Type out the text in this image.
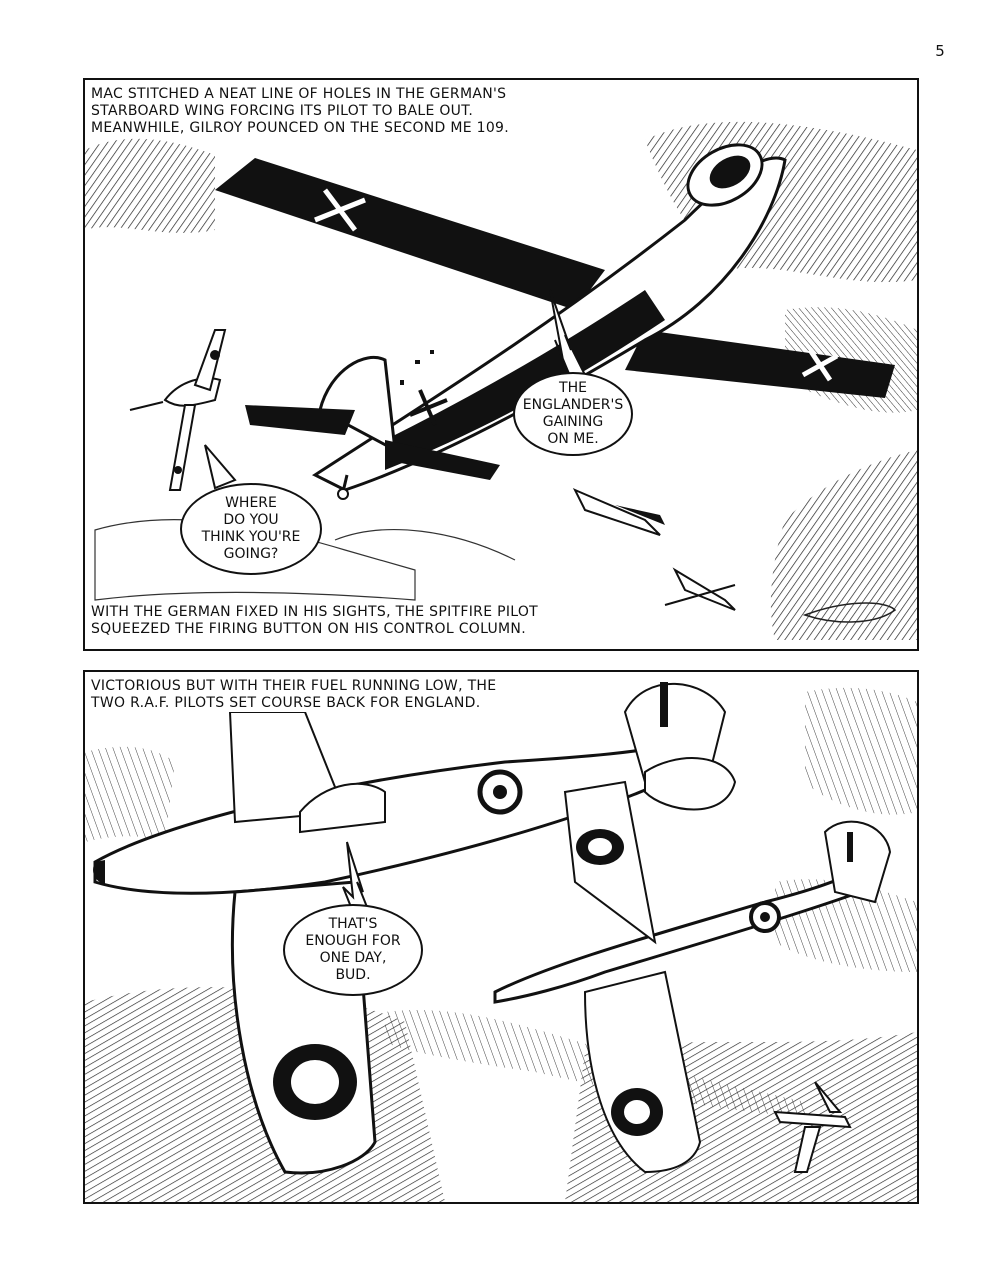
5
MAC STITCHED A NEAT LINE OF HOLES IN THE GERMAN'S
STARBOARD WING FORCING ITS PILOT TO BALE OUT.
MEANWHILE, GILROY POUNCED ON THE SECOND ME 109.
THE
ENGLANDER'S
GAINING
ON ME.
WHERE
DO YOU
THINK YOU'RE
GOING?
WITH THE GERMAN FIXED IN HIS SIGHTS, THE SPITFIRE PILOT
SQUEEZED THE FIRING BUTTON ON HIS CONTROL COLUMN.
VICTORIOUS BUT WITH THEIR FUEL RUNNING LOW, THE
TWO R.A.F. PILOTS SET COURSE BACK FOR ENGLAND.
THAT'S
ENOUGH FOR
ONE DAY,
BUD.
